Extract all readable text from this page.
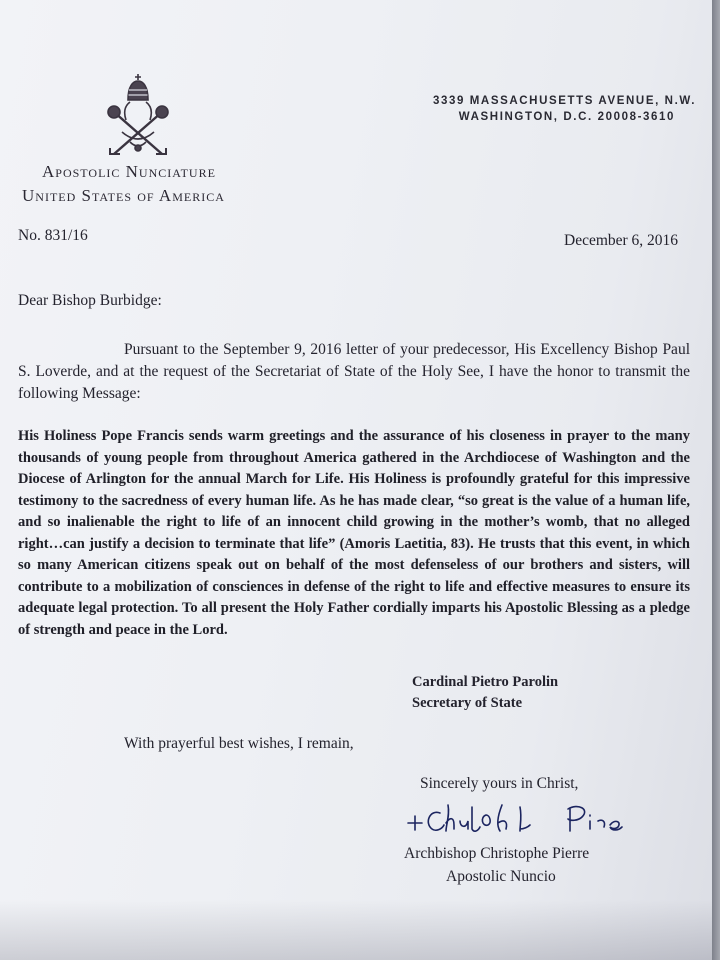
3339 MASSACHUSETTS AVENUE, N.W.
WASHINGTON, D.C. 20008-3610
Apostolic Nunciature
United States of America
No. 831/16	December 6, 2016
Dear Bishop Burbidge:
Pursuant to the September 9, 2016 letter of your predecessor, His Excellency Bishop Paul S. Loverde, and at the request of the Secretariat of State of the Holy See, I have the honor to transmit the following Message:
His Holiness Pope Francis sends warm greetings and the assurance of his closeness in prayer to the many thousands of young people from throughout America gathered in the Archdiocese of Washington and the Diocese of Arlington for the annual March for Life. His Holiness is profoundly grateful for this impressive testimony to the sacredness of every human life. As he has made clear, “so great is the value of a human life, and so inalienable the right to life of an innocent child growing in the mother’s womb, that no alleged right…can justify a decision to terminate that life” (Amoris Laetitia, 83). He trusts that this event, in which so many American citizens speak out on behalf of the most defenseless of our brothers and sisters, will contribute to a mobilization of consciences in defense of the right to life and effective measures to ensure its adequate legal protection. To all present the Holy Father cordially imparts his Apostolic Blessing as a pledge of strength and peace in the Lord.
Cardinal Pietro Parolin
Secretary of State
With prayerful best wishes, I remain,
Sincerely yours in Christ,
Archbishop Christophe Pierre
Apostolic Nuncio
